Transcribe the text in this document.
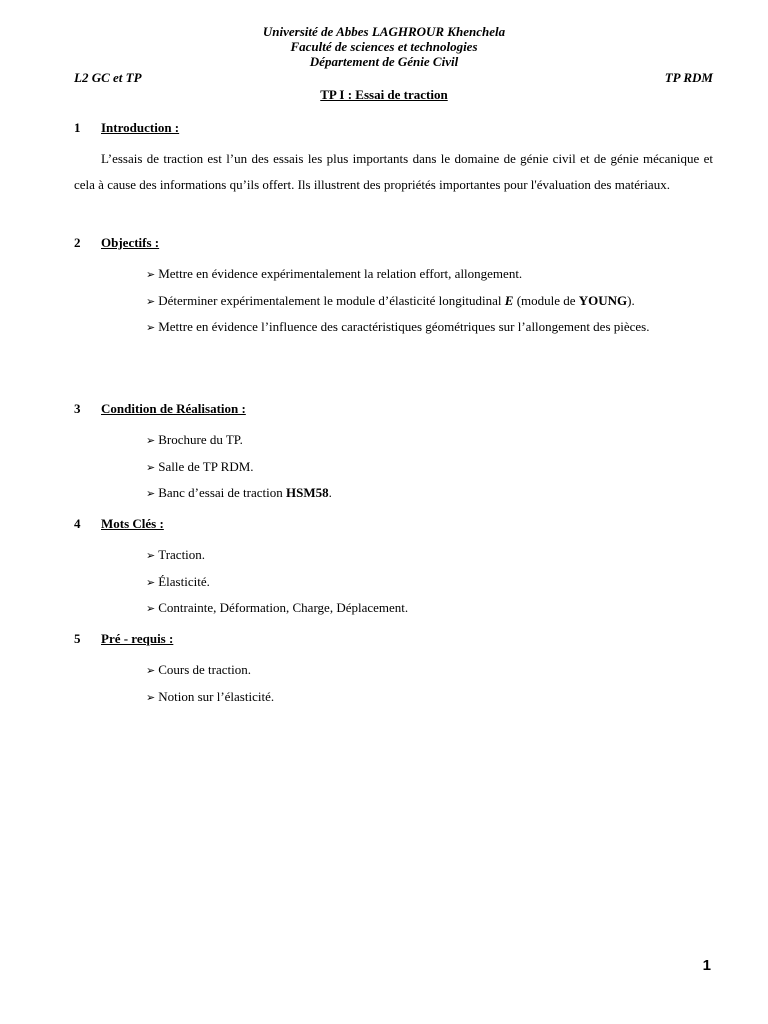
Université de Abbes LAGHROUR Khenchela
Faculté de sciences et technologies
Département de Génie Civil
L2 GC et TP	TP RDM
TP I : Essai de traction
1 Introduction :
L’essais de traction est l’un des essais les plus importants dans le domaine de génie civil et de génie mécanique et cela à cause des informations qu’ils offert. Ils illustrent des propriétés importantes pour l'évaluation des matériaux.
2 Objectifs :
➢ Mettre en évidence expérimentalement la relation effort, allongement.
➢ Déterminer expérimentalement le module d’élasticité longitudinal E (module de YOUNG).
➢ Mettre en évidence l’influence des caractéristiques géométriques sur l’allongement des pièces.
3 Condition de Réalisation :
➢ Brochure du TP.
➢ Salle de TP RDM.
➢ Banc d’essai de traction HSM58.
4 Mots Clés :
➢ Traction.
➢ Élasticité.
➢ Contrainte, Déformation, Charge, Déplacement.
5 Pré - requis :
➢ Cours de traction.
➢ Notion sur l’élasticité.
1
